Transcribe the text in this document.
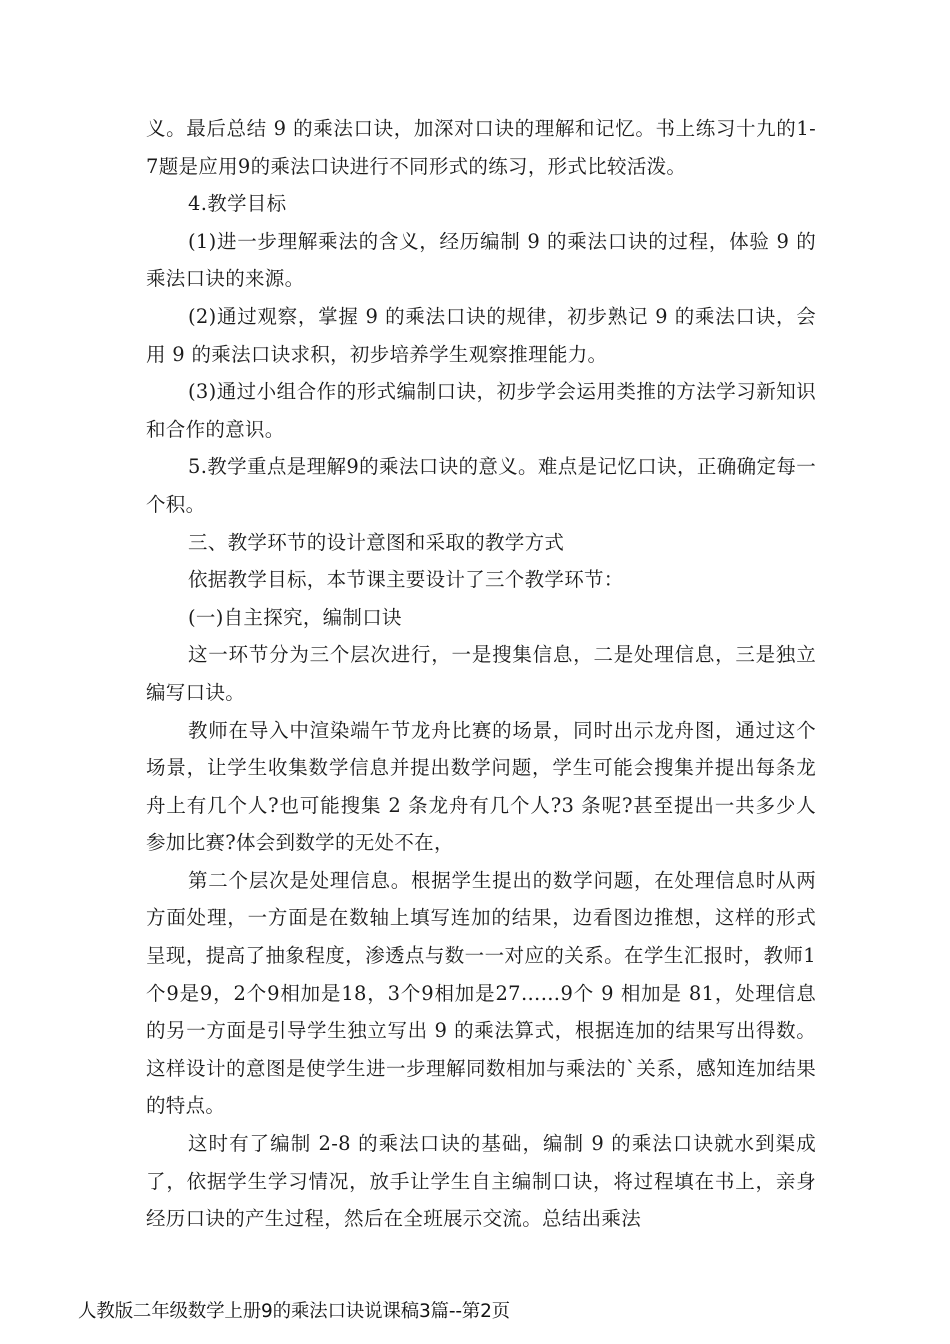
义。最后总结 9 的乘法口诀，加深对口诀的理解和记忆。书上练习十九的1-7题是应用9的乘法口诀进行不同形式的练习，形式比较活泼。

4.教学目标

(1)进一步理解乘法的含义，经历编制 9 的乘法口诀的过程，体验 9 的乘法口诀的来源。

(2)通过观察，掌握 9 的乘法口诀的规律，初步熟记 9 的乘法口诀，会用 9 的乘法口诀求积，初步培养学生观察推理能力。

(3)通过小组合作的形式编制口诀，初步学会运用类推的方法学习新知识和合作的意识。

5.教学重点是理解9的乘法口诀的意义。难点是记忆口诀，正确确定每一个积。

三、教学环节的设计意图和采取的教学方式

依据教学目标，本节课主要设计了三个教学环节：

(一)自主探究，编制口诀

这一环节分为三个层次进行，一是搜集信息，二是处理信息，三是独立编写口诀。

教师在导入中渲染端午节龙舟比赛的场景，同时出示龙舟图，通过这个场景，让学生收集数学信息并提出数学问题，学生可能会搜集并提出每条龙舟上有几个人?也可能搜集 2 条龙舟有几个人?3 条呢?甚至提出一共多少人参加比赛?体会到数学的无处不在，

第二个层次是处理信息。根据学生提出的数学问题，在处理信息时从两方面处理，一方面是在数轴上填写连加的结果，边看图边推想，这样的形式呈现，提高了抽象程度，渗透点与数一一对应的关系。在学生汇报时，教师1个9是9，2个9相加是18，3个9相加是27……9个 9 相加是 81，处理信息的另一方面是引导学生独立写出 9 的乘法算式，根据连加的结果写出得数。这样设计的意图是使学生进一步理解同数相加与乘法的`关系，感知连加结果的特点。

这时有了编制 2-8 的乘法口诀的基础，编制 9 的乘法口诀就水到渠成了，依据学生学习情况，放手让学生自主编制口诀，将过程填在书上，亲身经历口诀的产生过程，然后在全班展示交流。总结出乘法

人教版二年级数学上册9的乘法口诀说课稿3篇--第2页
